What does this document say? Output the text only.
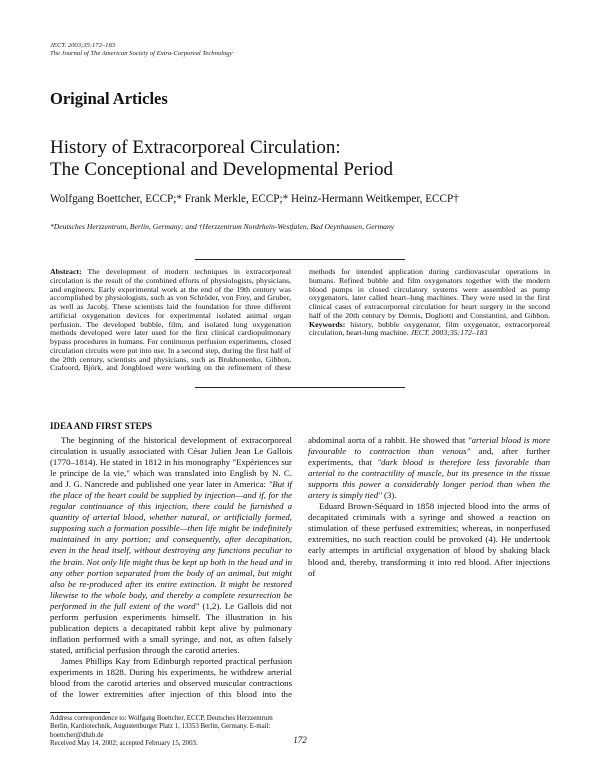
JECT. 2003;35:172–183
The Journal of The American Society of Extra-Corporeal Technology
Original Articles
History of Extracorporeal Circulation:
The Conceptional and Developmental Period
Wolfgang Boettcher, ECCP;* Frank Merkle, ECCP;* Heinz-Hermann Weitkemper, ECCP†
*Deutsches Herzzentrum, Berlin, Germany; and †Herzzentrum Nordrhein-Westfalen, Bad Oeynhausen, Germany

Abstract: The development of modern techniques in extracorporeal circulation is the result of the combined efforts of physiologists, physicians, and engineers. Early experimental work at the end of the 19th century was accomplished by physiologists, such as von Schröder, von Frey, and Gruber, as well as Jacobj. These scientists laid the foundation for three different artificial oxygenation devices for experimental isolated animal organ perfusion. The developed bubble, film, and isolated lung oxygenation methods developed were later used for the first clinical cardiopulmonary bypass procedures in humans. For continuous perfusion experiments, closed circulation circuits were put into use. In a second step, during the first half of the 20th century, scientists and physicians, such as Brukhonenko, Gibbon, Crafoord, Björk, and Jongbloed were working on the refinement of these methods for intended application during cardiovascular operations in humans. Refined bubble and film oxygenators together with the modern blood pumps in closed circulatory systems were assembled as pump oxygenators, later called heart–lung machines. They were used in the first clinical cases of extracorporeal circulation for heart surgery in the second half of the 20th century by Dennis, Dogliotti and Constantini, and Gibbon. Keywords: history, bubble oxygenator, film oxygenator, extracorporeal circulation, heart-lung machine. JECT. 2003;35:172–183

IDEA AND FIRST STEPS

The beginning of the historical development of extracorporeal circulation is usually associated with César Julien Jean Le Gallois (1770–1814). He stated in 1812 in his monography "Expériences sur le principe de la vie," which was translated into English by N. C. and J. G. Nancrede and published one year later in America: "But if the place of the heart could be supplied by injection—and if, for the regular continuance of this injection, there could be furnished a quantity of arterial blood, whether natural, or artificially formed, supposing such a formation possible—then life might be indefinitely maintained in any portion; and consequently, after decapitation, even in the head itself, without destroying any functions peculiar to the brain. Not only life might thus be kept up both in the head and in any other portion separated from the body of an animal, but might also be re-produced after its entire extinction. It might be restored likewise to the whole body, and thereby a complete resurrection be performed in the full extent of the word" (1,2). Le Gallois did not perform perfusion experiments himself. The illustration in his publication depicts a decapitated rabbit kept alive by pulmonary inflation performed with a small syringe, and not, as often falsely stated, artificial perfusion through the carotid arteries.

James Phillips Kay from Edinburgh reported practical perfusion experiments in 1828. During his experiments, he withdrew arterial blood from the carotid arteries and observed muscular contractions of the lower extremities after injection of this blood into the abdominal aorta of a rabbit. He showed that "arterial blood is more favourable to contraction than venous" and, after further experiments, that "dark blood is therefore less favorable than arterial to the contractility of muscle, but its presence in the tissue supports this power a considerably longer period than when the artery is simply tied" (3).

Eduard Brown-Séquard in 1858 injected blood into the arms of decapitated criminals with a syringe and showed a reaction on stimulation of these perfused extremities; whereas, in nonperfused extremities, no such reaction could be provoked (4). He undertook early attempts in artificial oxygenation of blood by shaking black blood and, thereby, transforming it into red blood. After injections of

Address correspondence to: Wolfgang Boettcher, ECCP, Deutsches Herzzentrum Berlin, Kardiotechnik, Augustenburger Platz 1, 13353 Berlin, Germany. E-mail: boettcher@dhzb.de
Received May 14, 2002; accepted February 15, 2003.	172
